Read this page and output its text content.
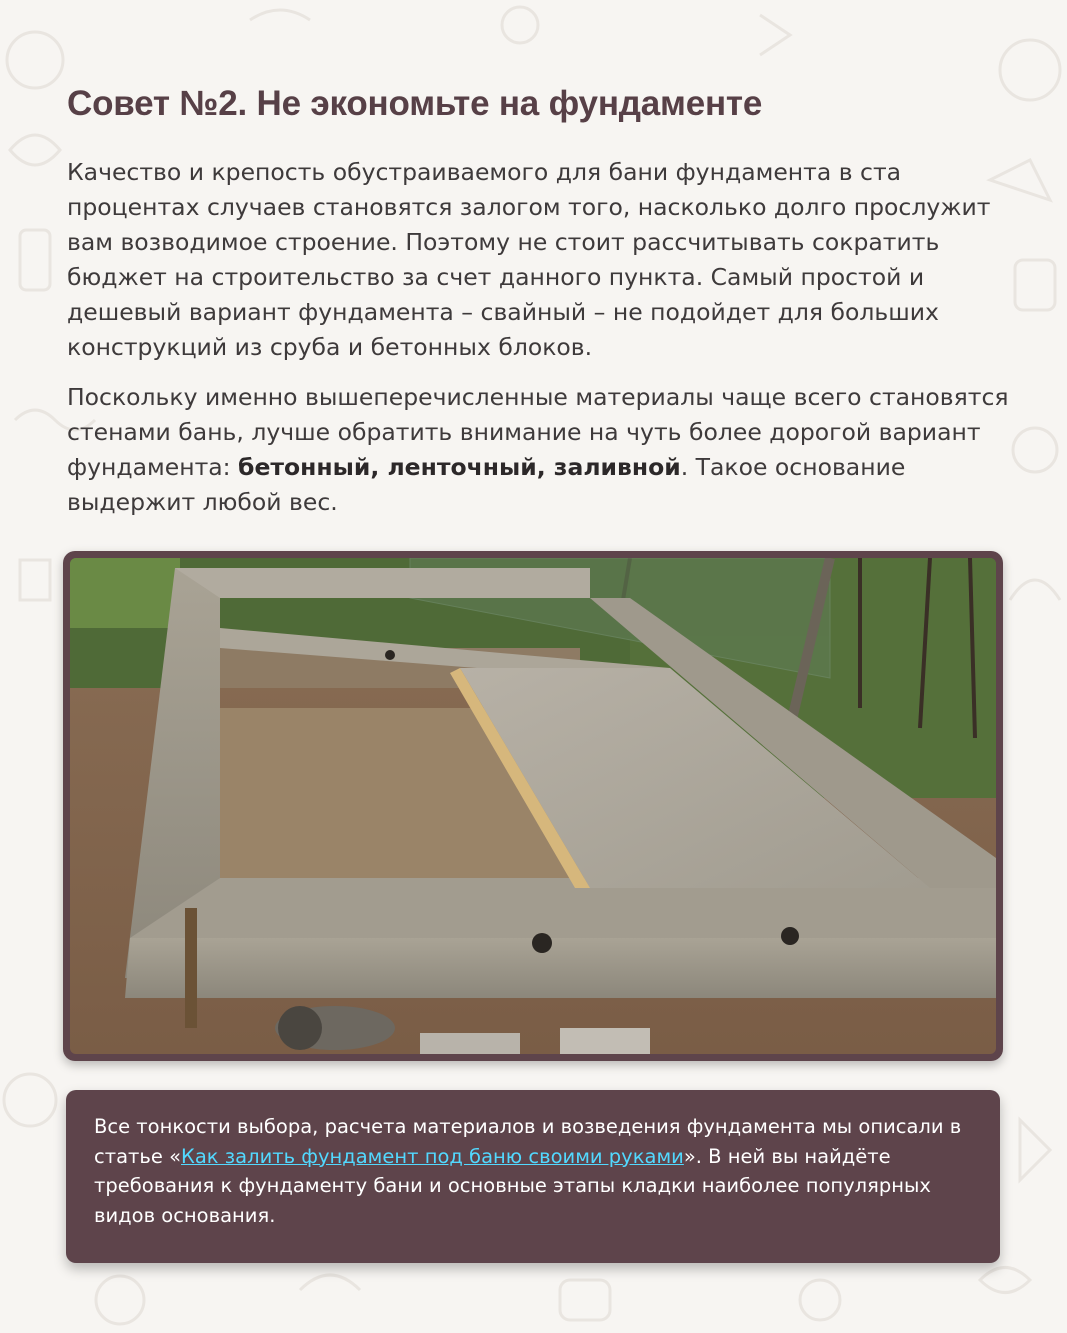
Совет №2. Не экономьте на фундаменте

Качество и крепость обустраиваемого для бани фундамента в ста процентах случаев становятся залогом того, насколько долго прослужит вам возводимое строение. Поэтому не стоит рассчитывать сократить бюджет на строительство за счет данного пункта. Самый простой и дешевый вариант фундамента – свайный – не подойдет для больших конструкций из сруба и бетонных блоков.

Поскольку именно вышеперечисленные материалы чаще всего становятся стенами бань, лучше обратить внимание на чуть более дорогой вариант фундамента: бетонный, ленточный, заливной. Такое основание выдержит любой вес.

Все тонкости выбора, расчета материалов и возведения фундамента мы описали в статье «Как залить фундамент под баню своими руками». В ней вы найдёте требования к фундаменту бани и основные этапы кладки наиболее популярных видов основания.
